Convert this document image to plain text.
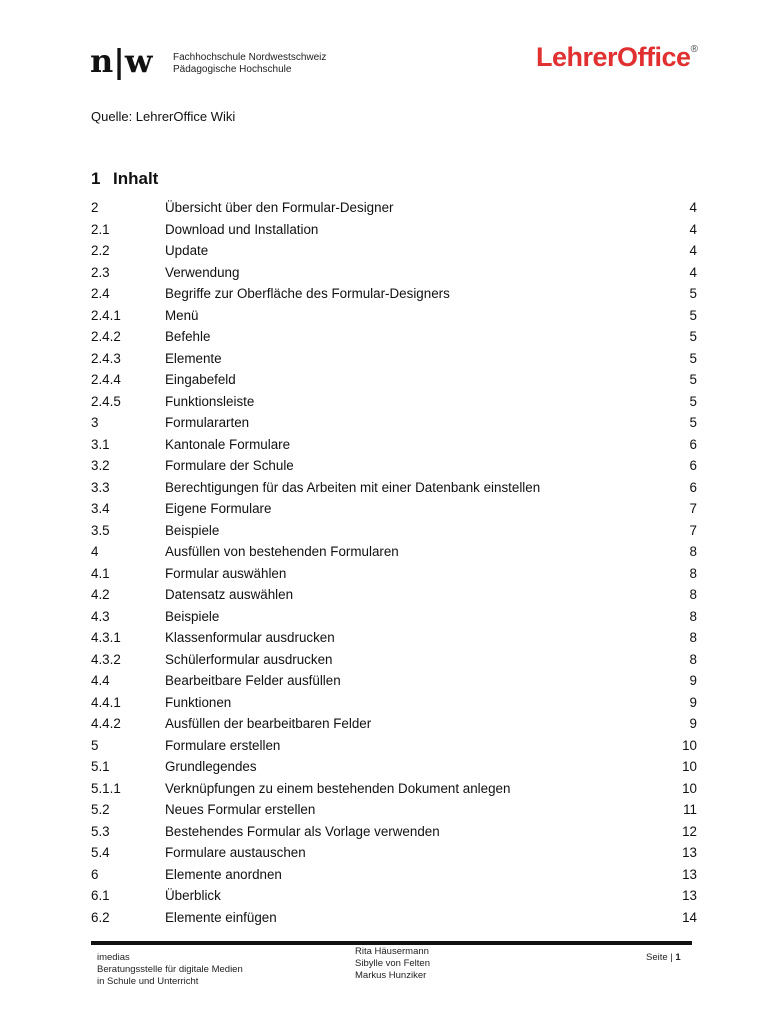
n|w Fachhochschule Nordwestschweiz
Pädagogische Hochschule	LehrerOffice®
Quelle: LehrerOffice Wiki
1 Inhalt
2	Übersicht über den Formular-Designer	4
2.1	Download und Installation	4
2.2	Update	4
2.3	Verwendung	4
2.4	Begriffe zur Oberfläche des Formular-Designers	5
2.4.1	Menü	5
2.4.2	Befehle	5
2.4.3	Elemente	5
2.4.4	Eingabefeld	5
2.4.5	Funktionsleiste	5
3	Formulararten	5
3.1	Kantonale Formulare	6
3.2	Formulare der Schule	6
3.3	Berechtigungen für das Arbeiten mit einer Datenbank einstellen	6
3.4	Eigene Formulare	7
3.5	Beispiele	7
4	Ausfüllen von bestehenden Formularen	8
4.1	Formular auswählen	8
4.2	Datensatz auswählen	8
4.3	Beispiele	8
4.3.1	Klassenformular ausdrucken	8
4.3.2	Schülerformular ausdrucken	8
4.4	Bearbeitbare Felder ausfüllen	9
4.4.1	Funktionen	9
4.4.2	Ausfüllen der bearbeitbaren Felder	9
5	Formulare erstellen	10
5.1	Grundlegendes	10
5.1.1	Verknüpfungen zu einem bestehenden Dokument anlegen	10
5.2	Neues Formular erstellen	11
5.3	Bestehendes Formular als Vorlage verwenden	12
5.4	Formulare austauschen	13
6	Elemente anordnen	13
6.1	Überblick	13
6.2	Elemente einfügen	14
imedias
Beratungsstelle für digitale Medien
in Schule und Unterricht
Rita Häusermann
Sibylle von Felten
Markus Hunziker
Seite | 1
